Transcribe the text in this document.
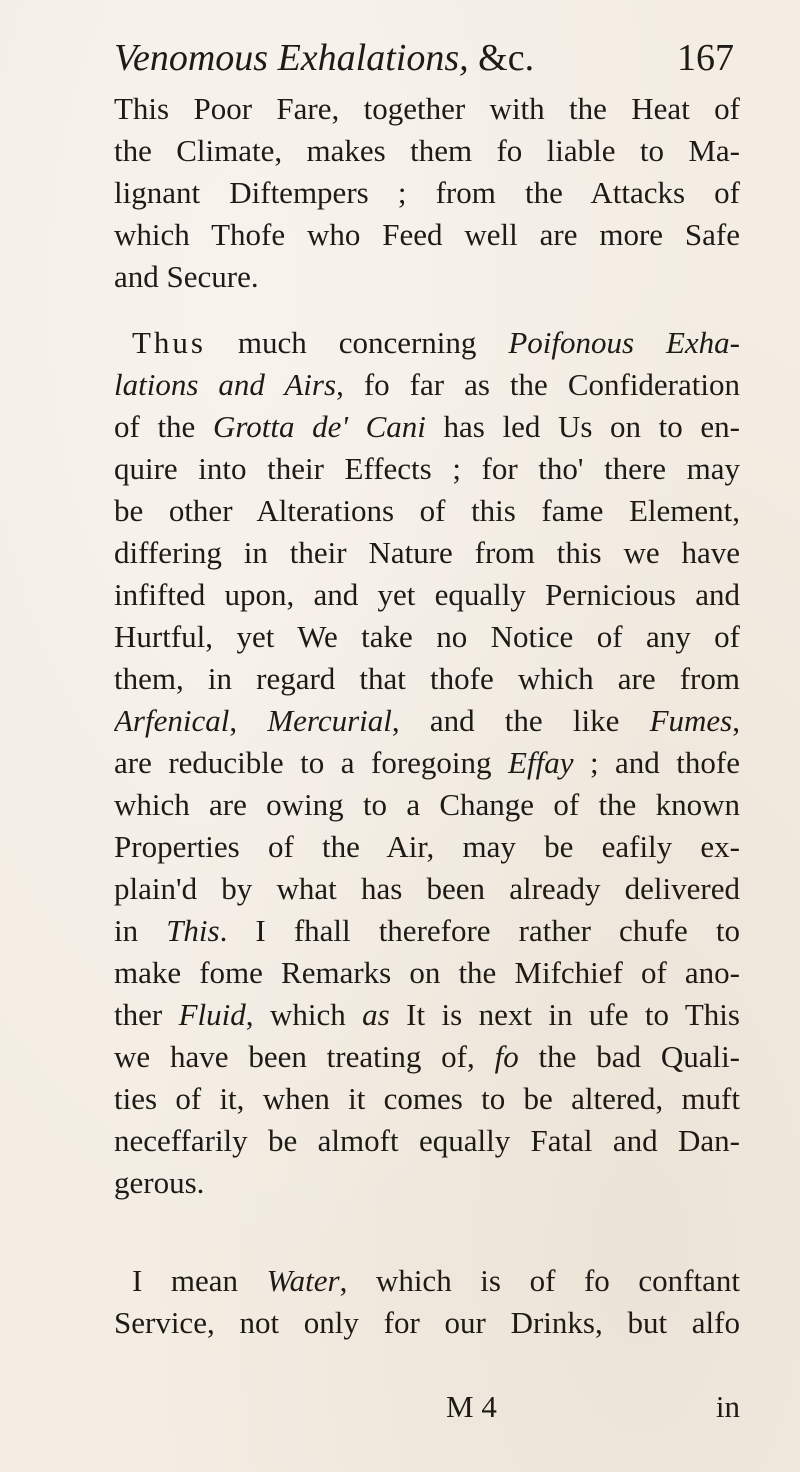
Venomous Exhalations, &c.	167
This Poor Fare, together with the Heat of
the Climate, makes them fo liable to Ma-
lignant Diftempers ; from the Attacks of
which Thofe who Feed well are more Safe
and Secure.
Thus much concerning Poifonous Exha-
lations and Airs, fo far as the Confideration
of the Grotta de' Cani has led Us on to en-
quire into their Effects ; for tho' there may
be other Alterations of this fame Element,
differing in their Nature from this we have
infifted upon, and yet equally Pernicious and
Hurtful, yet We take no Notice of any of
them, in regard that thofe which are from
Arfenical, Mercurial, and the like Fumes,
are reducible to a foregoing Effay ; and thofe
which are owing to a Change of the known
Properties of the Air, may be eafily ex-
plain'd by what has been already delivered
in This. I fhall therefore rather chufe to
make fome Remarks on the Mifchief of ano-
ther Fluid, which as It is next in ufe to This
we have been treating of, fo the bad Quali-
ties of it, when it comes to be altered, muft
neceffarily be almoft equally Fatal and Dan-
gerous.
I mean Water, which is of fo conftant
Service, not only for our Drinks, but alfo
M 4	in
